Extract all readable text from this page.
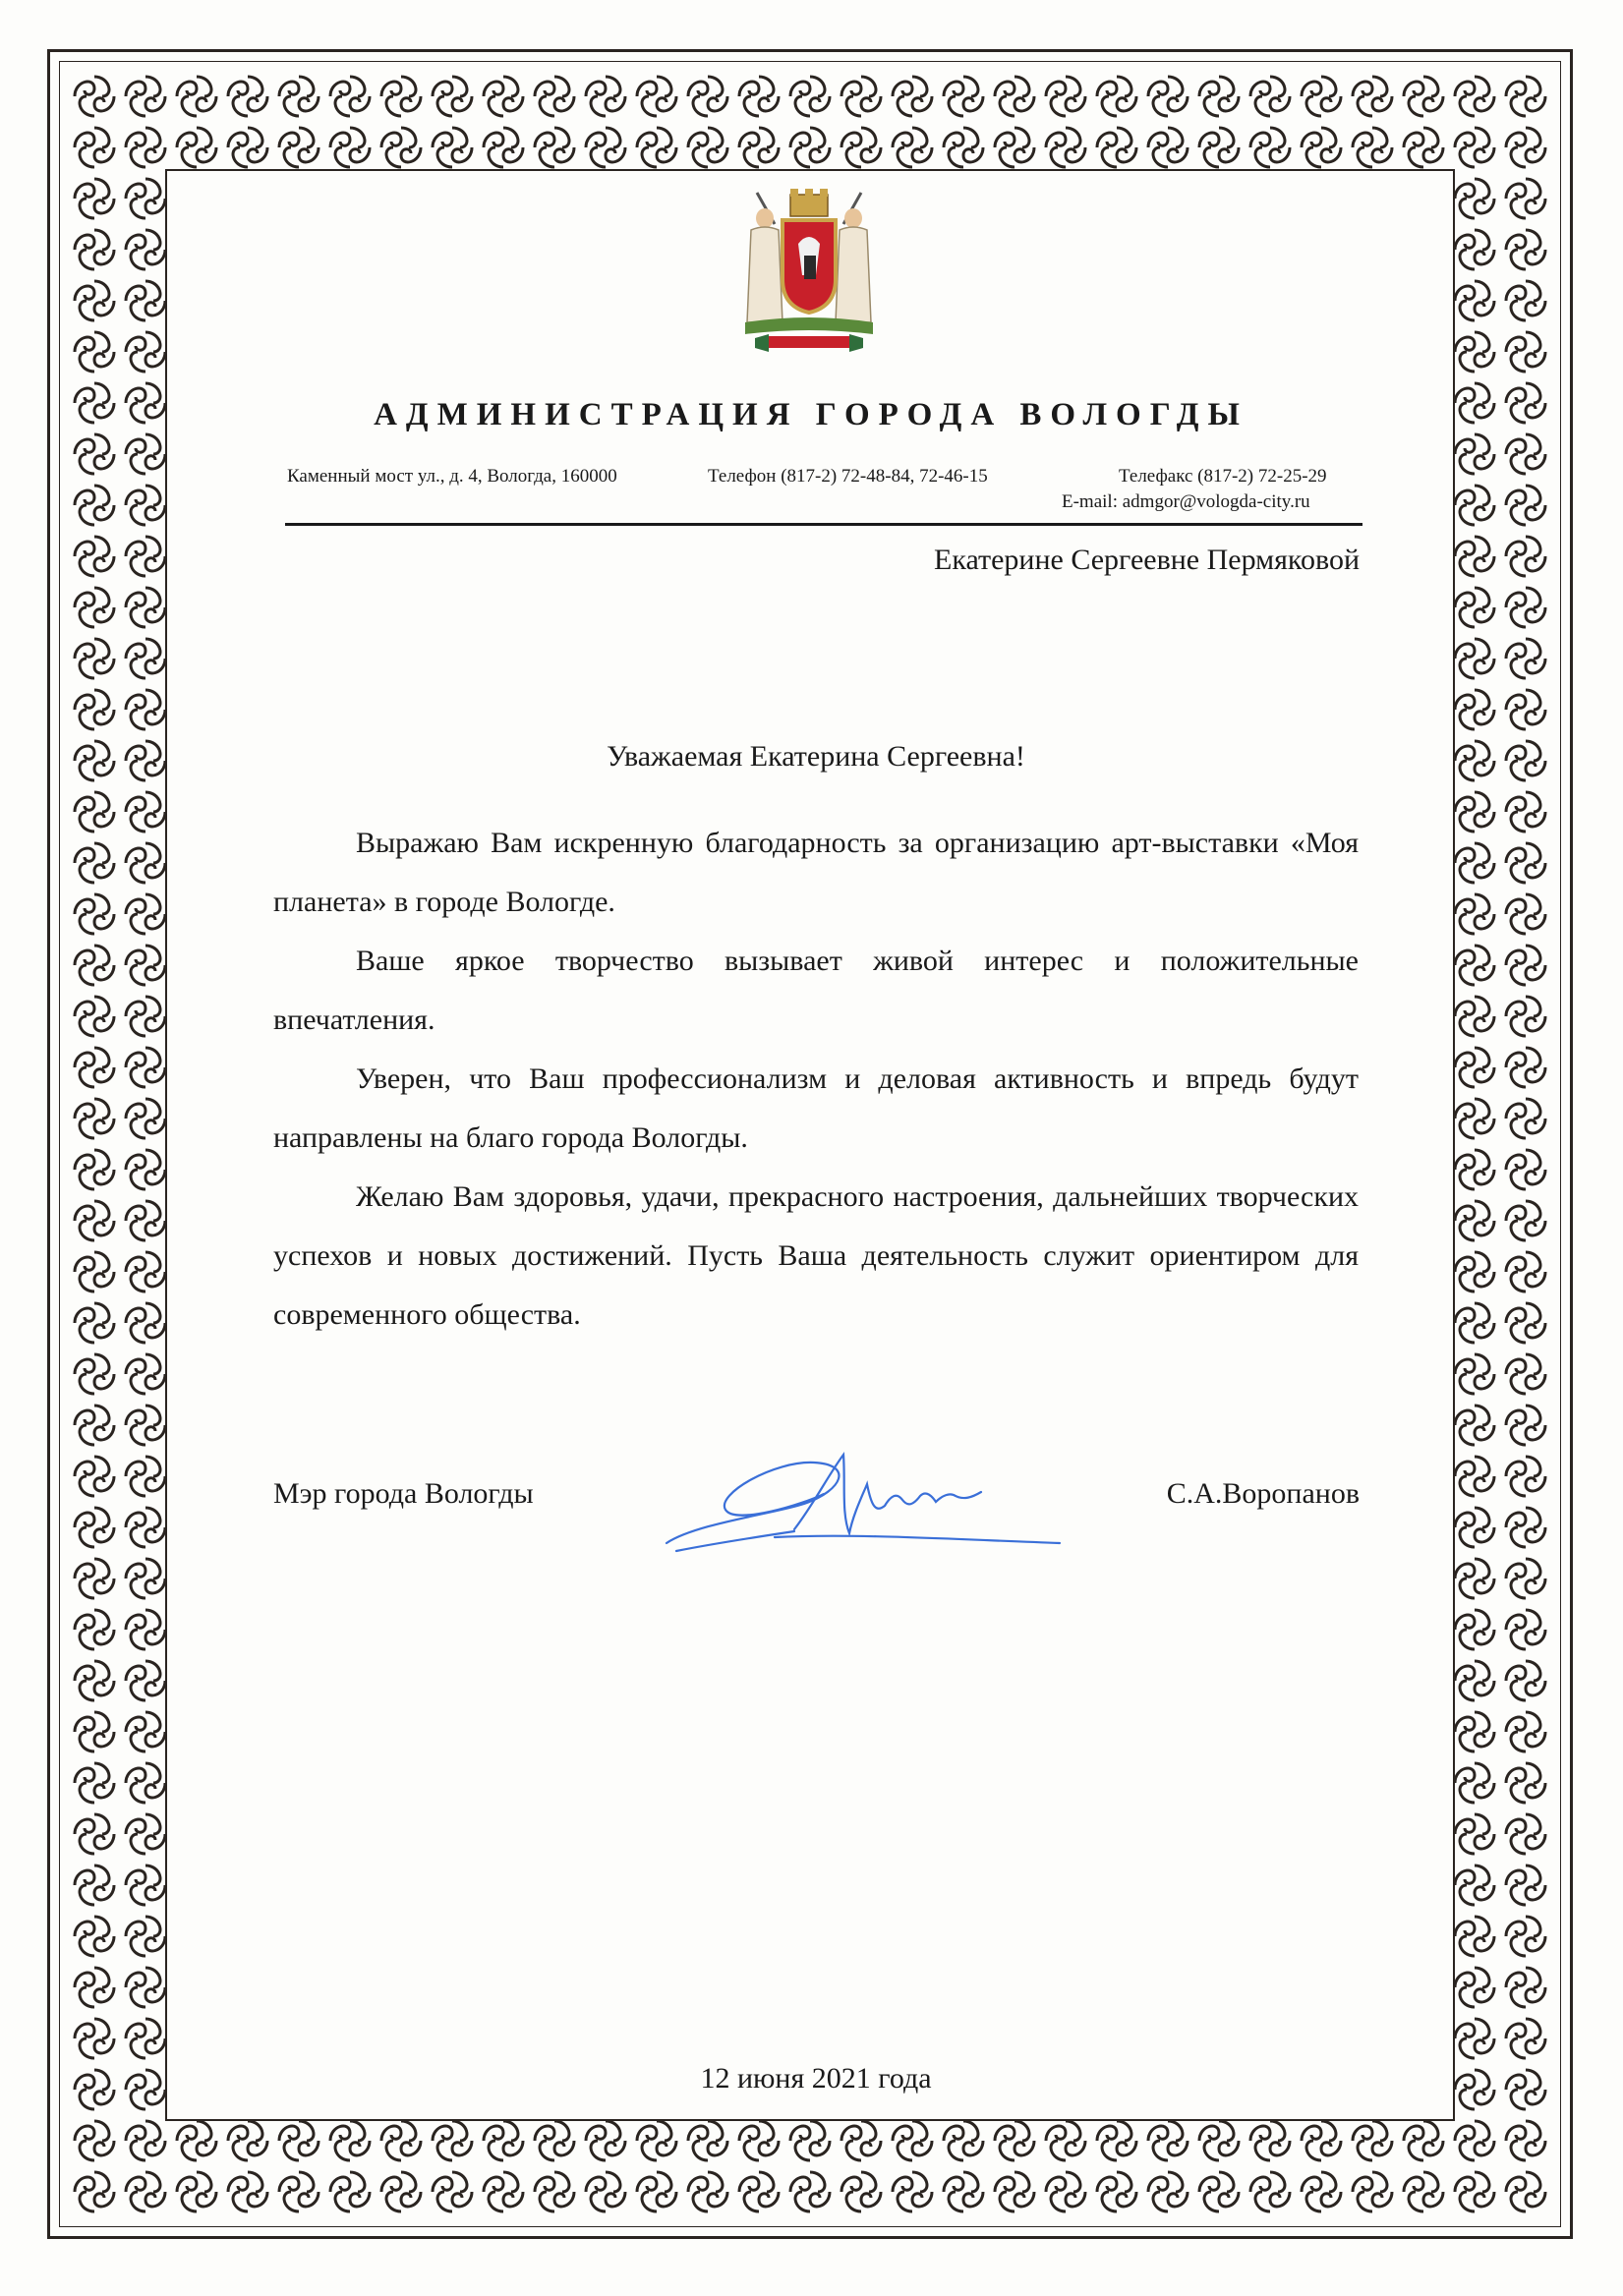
АДМИНИСТРАЦИЯ ГОРОДА ВОЛОГДЫ
Каменный мост ул., д. 4, Вологда, 160000	Телефон (817-2) 72-48-84, 72-46-15	Телефакс (817-2) 72-25-29
E-mail: admgor@vologda-city.ru
Екатерине Сергеевне Пермяковой
Уважаемая Екатерина Сергеевна!
Выражаю Вам искренную благодарность за организацию арт-выставки «Моя планета» в городе Вологде.
Ваше яркое творчество вызывает живой интерес и положительные впечатления.
Уверен, что Ваш профессионализм и деловая активность и впредь будут направлены на благо города Вологды.
Желаю Вам здоровья, удачи, прекрасного настроения, дальнейших творческих успехов и новых достижений. Пусть Ваша деятельность служит ориентиром для современного общества.
Мэр города Вологды	С.А.Воропанов
12 июня 2021 года
